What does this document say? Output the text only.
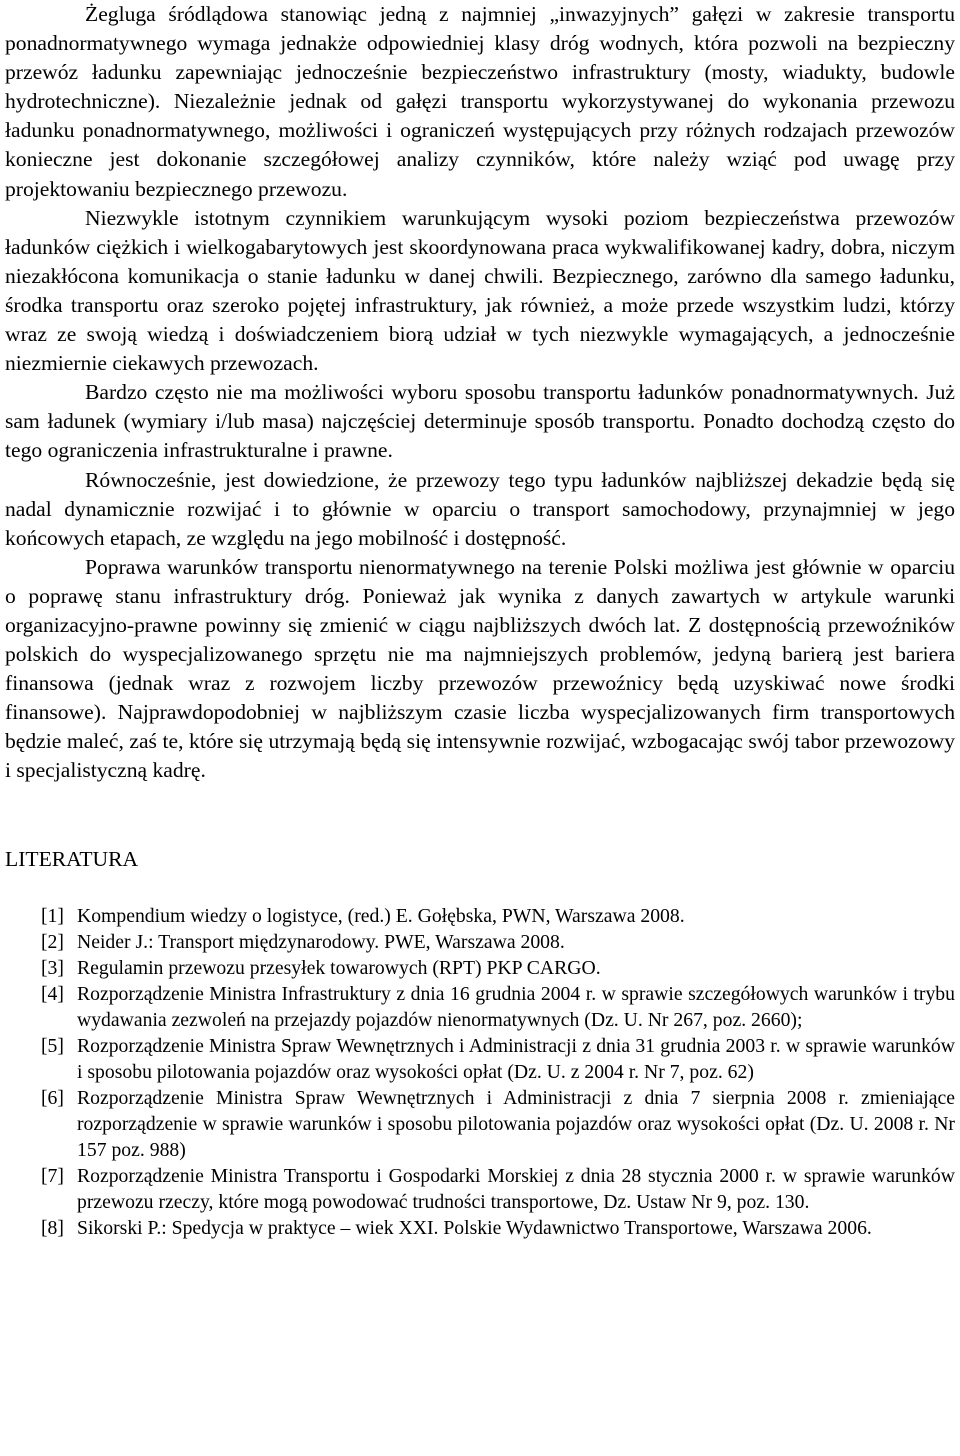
Żegluga śródlądowa stanowiąc jedną z najmniej „inwazyjnych” gałęzi w zakresie transportu ponadnormatywnego wymaga jednakże odpowiedniej klasy dróg wodnych, która pozwoli na bezpieczny przewóz ładunku zapewniając jednocześnie bezpieczeństwo infrastruktury (mosty, wiadukty, budowle hydrotechniczne). Niezależnie jednak od gałęzi transportu wykorzystywanej do wykonania przewozu ładunku ponadnormatywnego, możliwości i ograniczeń występujących przy różnych rodzajach przewozów konieczne jest dokonanie szczegółowej analizy czynników, które należy wziąć pod uwagę przy projektowaniu bezpiecznego przewozu.

Niezwykle istotnym czynnikiem warunkującym wysoki poziom bezpieczeństwa przewozów ładunków ciężkich i wielkogabarytowych jest skoordynowana praca wykwalifikowanej kadry, dobra, niczym niezakłócona komunikacja o stanie ładunku w danej chwili. Bezpiecznego, zarówno dla samego ładunku, środka transportu oraz szeroko pojętej infrastruktury, jak również, a może przede wszystkim ludzi, którzy wraz ze swoją wiedzą i doświadczeniem biorą udział w tych niezwykle wymagających, a jednocześnie niezmiernie ciekawych przewozach.

Bardzo często nie ma możliwości wyboru sposobu transportu ładunków ponadnormatywnych. Już sam ładunek (wymiary i/lub masa) najczęściej determinuje sposób transportu. Ponadto dochodzą często do tego ograniczenia infrastrukturalne i prawne.

Równocześnie, jest dowiedzione, że przewozy tego typu ładunków najbliższej dekadzie będą się nadal dynamicznie rozwijać i to głównie w oparciu o transport samochodowy, przynajmniej w jego końcowych etapach, ze względu na jego mobilność i dostępność.

Poprawa warunków transportu nienormatywnego na terenie Polski możliwa jest głównie w oparciu o poprawę stanu infrastruktury dróg. Ponieważ jak wynika z danych zawartych w artykule warunki organizacyjno-prawne powinny się zmienić w ciągu najbliższych dwóch lat. Z dostępnością przewoźników polskich do wyspecjalizowanego sprzętu nie ma najmniejszych problemów, jedyną barierą jest bariera finansowa (jednak wraz z rozwojem liczby przewozów przewoźnicy będą uzyskiwać nowe środki finansowe). Najprawdopodobniej w najbliższym czasie liczba wyspecjalizowanych firm transportowych będzie maleć, zaś te, które się utrzymają będą się intensywnie rozwijać, wzbogacając swój tabor przewozowy i specjalistyczną kadrę.

LITERATURA
[1] Kompendium wiedzy o logistyce, (red.) E. Gołębska, PWN, Warszawa 2008.
[2] Neider J.: Transport międzynarodowy. PWE, Warszawa 2008.
[3] Regulamin przewozu przesyłek towarowych (RPT) PKP CARGO.
[4] Rozporządzenie Ministra Infrastruktury z dnia 16 grudnia 2004 r. w sprawie szczegółowych warunków i trybu wydawania zezwoleń na przejazdy pojazdów nienormatywnych (Dz. U. Nr 267, poz. 2660);
[5] Rozporządzenie Ministra Spraw Wewnętrznych i Administracji z dnia 31 grudnia 2003 r. w sprawie warunków i sposobu pilotowania pojazdów oraz wysokości opłat (Dz. U. z 2004 r. Nr 7, poz. 62)
[6] Rozporządzenie Ministra Spraw Wewnętrznych i Administracji z dnia 7 sierpnia 2008 r. zmieniające rozporządzenie w sprawie warunków i sposobu pilotowania pojazdów oraz wysokości opłat (Dz. U. 2008 r. Nr 157 poz. 988)
[7] Rozporządzenie Ministra Transportu i Gospodarki Morskiej z dnia 28 stycznia 2000 r. w sprawie warunków przewozu rzeczy, które mogą powodować trudności transportowe, Dz. Ustaw Nr 9, poz. 130.
[8] Sikorski P.: Spedycja w praktyce – wiek XXI. Polskie Wydawnictwo Transportowe, Warszawa 2006.
